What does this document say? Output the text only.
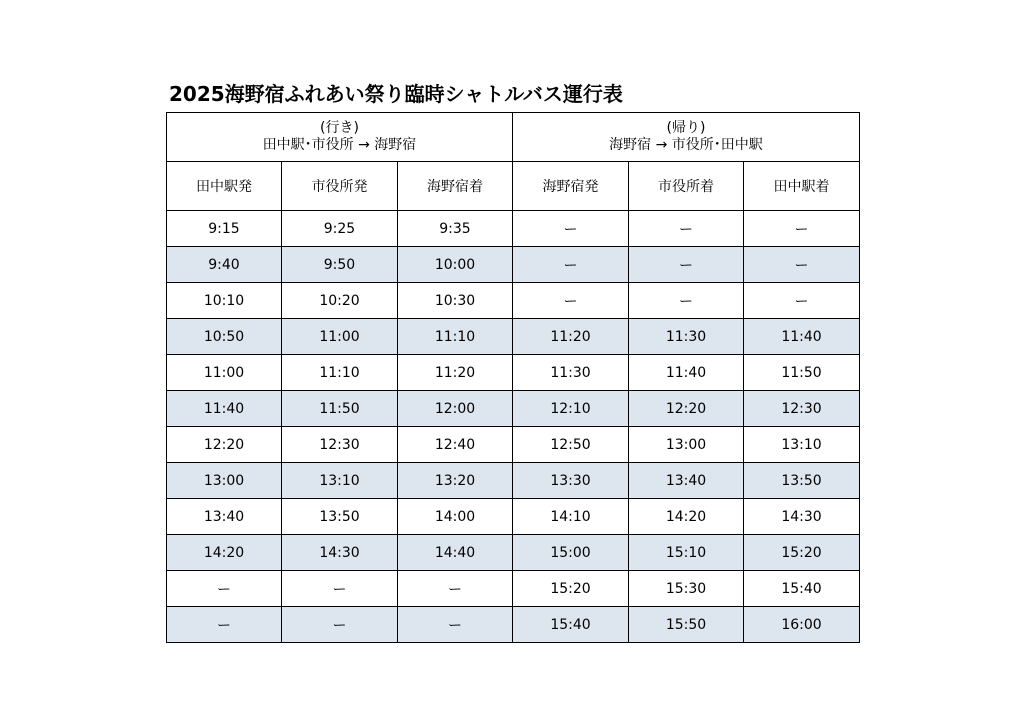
2025海野宿ふれあい祭り臨時シャトルバス運行表
(行き)
田中駅･市役所 → 海野宿			(帰り)
海野宿 → 市役所･田中駅		

田中駅発	市役所発	海野宿着	海野宿発	市役所着	田中駅着
9:15	9:25	9:35	ー	ー	ー
9:40	9:50	10:00	ー	ー	ー
10:10	10:20	10:30	ー	ー	ー
10:50	11:00	11:10	11:20	11:30	11:40
11:00	11:10	11:20	11:30	11:40	11:50
11:40	11:50	12:00	12:10	12:20	12:30
12:20	12:30	12:40	12:50	13:00	13:10
13:00	13:10	13:20	13:30	13:40	13:50
13:40	13:50	14:00	14:10	14:20	14:30
14:20	14:30	14:40	15:00	15:10	15:20
ー	ー	ー	15:20	15:30	15:40
ー	ー	ー	15:40	15:50	16:00
